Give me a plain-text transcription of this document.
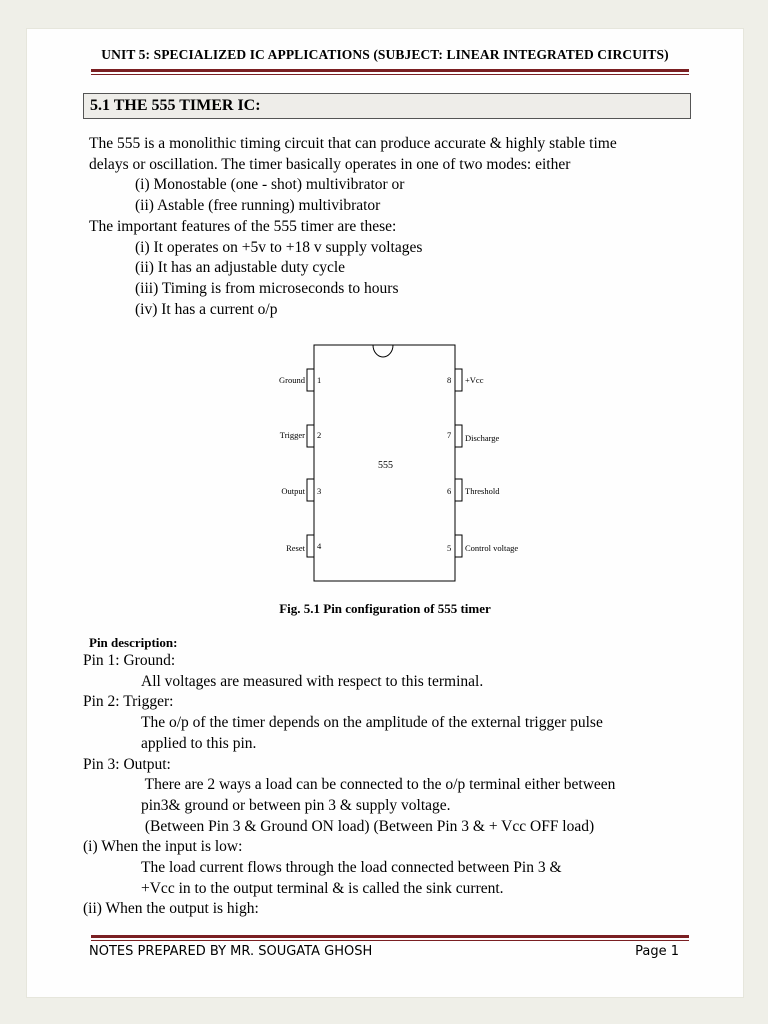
UNIT 5: SPECIALIZED IC APPLICATIONS (SUBJECT: LINEAR INTEGRATED CIRCUITS)
5.1 THE 555 TIMER IC:
The 555 is a monolithic timing circuit that can produce accurate & highly stable time
delays or oscillation. The timer basically operates in one of two modes: either
(i) Monostable (one - shot) multivibrator or
(ii) Astable (free running) multivibrator
The important features of the 555 timer are these:
(i) It operates on +5v to +18 v supply voltages
(ii) It has an adjustable duty cycle
(iii) Timing is from microseconds to hours
(iv) It has a current o/p
555
1
Ground
2
Trigger
3
Output
4
Reset
8 +Vcc
7 Discharge
6 Threshold
5 Control voltage
Fig. 5.1 Pin configuration of 555 timer
Pin description:
Pin 1: Ground:
All voltages are measured with respect to this terminal.
Pin 2: Trigger:
The o/p of the timer depends on the amplitude of the external trigger pulse
applied to this pin.
Pin 3: Output:
There are 2 ways a load can be connected to the o/p terminal either between
pin3& ground or between pin 3 & supply voltage.
(Between Pin 3 & Ground ON load) (Between Pin 3 & + Vcc OFF load)
(i) When the input is low:
The load current flows through the load connected between Pin 3 &
+Vcc in to the output terminal & is called the sink current.
(ii) When the output is high:
NOTES PREPARED BY MR. SOUGATA GHOSH	Page 1
